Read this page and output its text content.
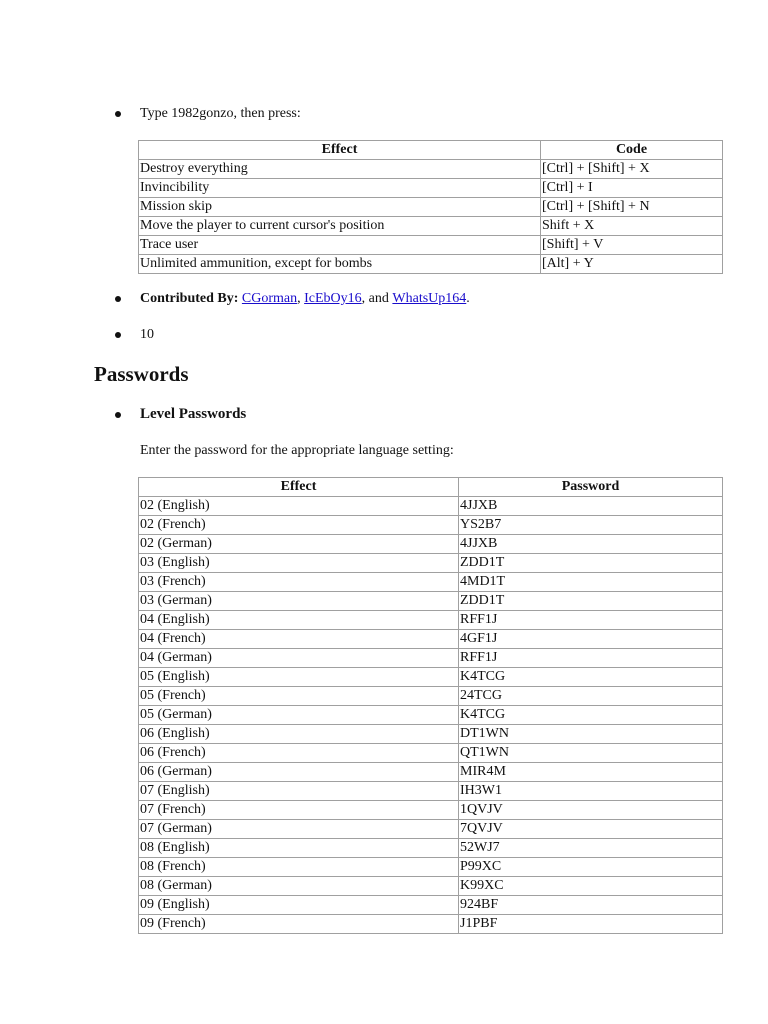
Type 1982gonzo, then press:
Effect	Code
Destroy everything	[Ctrl] + [Shift] + X
Invincibility	[Ctrl] + I
Mission skip	[Ctrl] + [Shift] + N
Move the player to current cursor's position	Shift + X
Trace user	[Shift] + V
Unlimited ammunition, except for bombs	[Alt] + Y
Contributed By:
CGorman , IcEbOy16 , and WhatsUp164 .
10
Passwords
Level Passwords
Enter the password for the appropriate language setting:
Effect	Password
02 (English)	4JJXB
02 (French)	YS2B7
02 (German)	4JJXB
03 (English)	ZDD1T
03 (French)	4MD1T
03 (German)	ZDD1T
04 (English)	RFF1J
04 (French)	4GF1J
04 (German)	RFF1J
05 (English)	K4TCG
05 (French)	24TCG
05 (German)	K4TCG
06 (English)	DT1WN
06 (French)	QT1WN
06 (German)	MIR4M
07 (English)	IH3W1
07 (French)	1QVJV
07 (German)	7QVJV
08 (English)	52WJ7
08 (French)	P99XC
08 (German)	K99XC
09 (English)	924BF
09 (French)	J1PBF
